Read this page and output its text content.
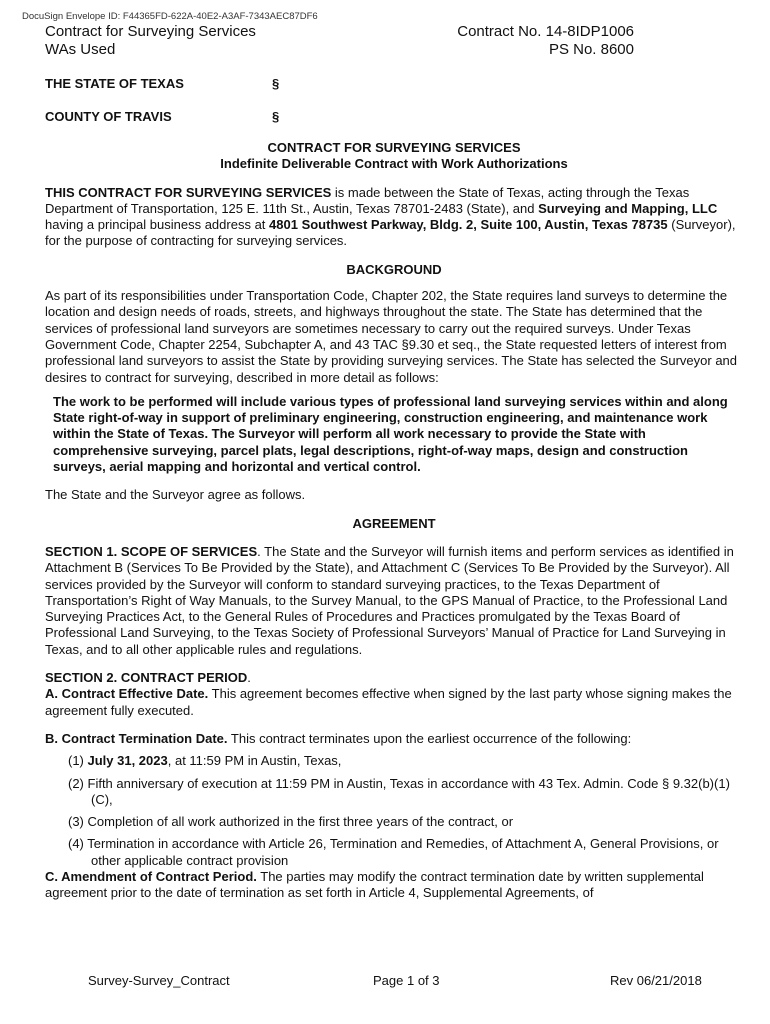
DocuSign Envelope ID: F44365FD-622A-40E2-A3AF-7343AEC87DF6
Contract for Surveying Services
WAs Used
Contract No. 14-8IDP1006
PS No. 8600
THE STATE OF TEXAS	§
COUNTY OF TRAVIS	§
CONTRACT FOR SURVEYING SERVICES
Indefinite Deliverable Contract with Work Authorizations

THIS CONTRACT FOR SURVEYING SERVICES is made between the State of Texas, acting through the Texas Department of Transportation, 125 E. 11th St., Austin, Texas 78701-2483 (State), and Surveying and Mapping, LLC having a principal business address at 4801 Southwest Parkway, Bldg. 2, Suite 100, Austin, Texas 78735 (Surveyor), for the purpose of contracting for surveying services.

BACKGROUND

As part of its responsibilities under Transportation Code, Chapter 202, the State requires land surveys to determine the location and design needs of roads, streets, and highways throughout the state. The State has determined that the services of professional land surveyors are sometimes necessary to carry out the required surveys. Under Texas Government Code, Chapter 2254, Subchapter A, and 43 TAC §9.30 et seq., the State requested letters of interest from professional land surveyors to assist the State by providing surveying services. The State has selected the Surveyor and desires to contract for surveying, described in more detail as follows:

The work to be performed will include various types of professional land surveying services within and along State right-of-way in support of preliminary engineering, construction engineering, and maintenance work within the State of Texas. The Surveyor will perform all work necessary to provide the State with comprehensive surveying, parcel plats, legal descriptions, right-of-way maps, design and construction surveys, aerial mapping and horizontal and vertical control.

The State and the Surveyor agree as follows.

AGREEMENT

SECTION 1. SCOPE OF SERVICES. The State and the Surveyor will furnish items and perform services as identified in Attachment B (Services To Be Provided by the State), and Attachment C (Services To Be Provided by the Surveyor). All services provided by the Surveyor will conform to standard surveying practices, to the Texas Department of Transportation’s Right of Way Manuals, to the Survey Manual, to the GPS Manual of Practice, to the Professional Land Surveying Practices Act, to the General Rules of Procedures and Practices promulgated by the Texas Board of Professional Land Surveying, to the Texas Society of Professional Surveyors’ Manual of Practice for Land Surveying in Texas, and to all other applicable rules and regulations.

SECTION 2. CONTRACT PERIOD.

A. Contract Effective Date. This agreement becomes effective when signed by the last party whose signing makes the agreement fully executed.

B. Contract Termination Date. This contract terminates upon the earliest occurrence of the following:

(1) July 31, 2023, at 11:59 PM in Austin, Texas,
(2) Fifth anniversary of execution at 11:59 PM in Austin, Texas in accordance with 43 Tex. Admin. Code § 9.32(b)(1)(C),
(3) Completion of all work authorized in the first three years of the contract, or
(4) Termination in accordance with Article 26, Termination and Remedies, of Attachment A, General Provisions, or other applicable contract provision

C. Amendment of Contract Period. The parties may modify the contract termination date by written supplemental agreement prior to the date of termination as set forth in Article 4, Supplemental Agreements, of

Survey-Survey_Contract	Page 1 of 3	Rev 06/21/2018
